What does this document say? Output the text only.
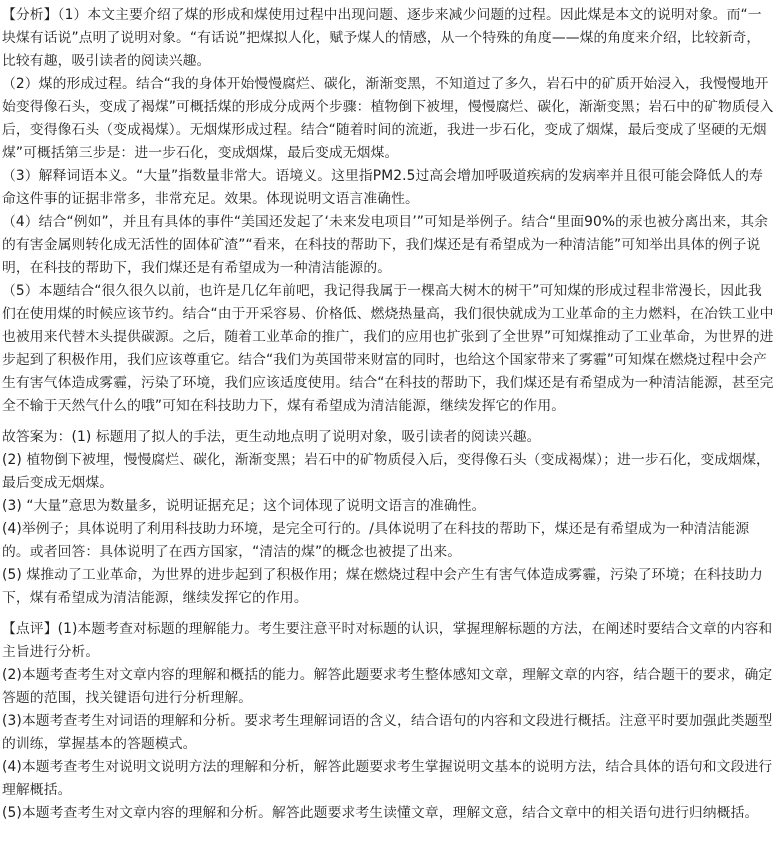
【分析】（1）本文主要介绍了煤的形成和煤使用过程中出现问题、逐步来减少问题的过程。因此煤是本文的说明对象。而“一块煤有话说”点明了说明对象。“有话说”把煤拟人化，赋予煤人的情感，从一个特殊的角度——煤的角度来介绍，比较新奇，比较有趣，吸引读者的阅读兴趣。

（2）煤的形成过程。结合“我的身体开始慢慢腐烂、碳化，渐渐变黑，不知道过了多久，岩石中的矿质开始浸入，我慢慢地开始变得像石头，变成了褐煤”可概括煤的形成分成两个步骤：植物倒下被埋，慢慢腐烂、碳化，渐渐变黑；岩石中的矿物质侵入后，变得像石头（变成褐煤）。无烟煤形成过程。结合“随着时间的流逝，我进一步石化，变成了烟煤，最后变成了坚硬的无烟煤”可概括第三步是：进一步石化，变成烟煤，最后变成无烟煤。

（3）解释词语本义。“大量”指数量非常大。语境义。这里指PM2.5过高会增加呼吸道疾病的发病率并且很可能会降低人的寿命这件事的证据非常多，非常充足。效果。体现说明文语言准确性。

（4）结合“例如”，并且有具体的事件“美国还发起了‘未来发电项目’”可知是举例子。结合“里面90%的汞也被分离出来，其余的有害金属则转化成无活性的固体矿渣”“看来，在科技的帮助下，我们煤还是有希望成为一种清洁能”可知举出具体的例子说明，在科技的帮助下，我们煤还是有希望成为一种清洁能源的。

（5）本题结合“很久很久以前，也许是几亿年前吧，我记得我属于一棵高大树木的树干”可知煤的形成过程非常漫长，因此我们在使用煤的时候应该节约。结合“由于开采容易、价格低、燃烧热量高，我们很快就成为工业革命的主力燃料，在冶铁工业中也被用来代替木头提供碳源。之后，随着工业革命的推广，我们的应用也扩张到了全世界”可知煤推动了工业革命，为世界的进步起到了积极作用，我们应该尊重它。结合“我们为英国带来财富的同时，也给这个国家带来了雾霾”可知煤在燃烧过程中会产生有害气体造成雾霾，污染了环境，我们应该适度使用。结合“在科技的帮助下，我们煤还是有希望成为一种清洁能源，甚至完全不输于天然气什么的哦”可知在科技助力下，煤有希望成为清洁能源，继续发挥它的作用。

故答案为：(1) 标题用了拟人的手法，更生动地点明了说明对象，吸引读者的阅读兴趣。

(2) 植物倒下被埋，慢慢腐烂、碳化，渐渐变黑；岩石中的矿物质侵入后，变得像石头（变成褐煤）；进一步石化，变成烟煤，最后变成无烟煤。

(3) “大量”意思为数量多，说明证据充足；这个词体现了说明文语言的准确性。

(4)举例子；具体说明了利用科技助力环境，是完全可行的。/具体说明了在科技的帮助下，煤还是有希望成为一种清洁能源的。或者回答：具体说明了在西方国家，“清洁的煤”的概念也被提了出来。

(5) 煤推动了工业革命，为世界的进步起到了积极作用；煤在燃烧过程中会产生有害气体造成雾霾，污染了环境；在科技助力下，煤有希望成为清洁能源，继续发挥它的作用。

【点评】(1)本题考查对标题的理解能力。考生要注意平时对标题的认识，掌握理解标题的方法，在阐述时要结合文章的内容和主旨进行分析。

(2)本题考查考生对文章内容的理解和概括的能力。解答此题要求考生整体感知文章，理解文章的内容，结合题干的要求，确定答题的范围，找关键语句进行分析理解。

(3)本题考查考生对词语的理解和分析。要求考生理解词语的含义，结合语句的内容和文段进行概括。注意平时要加强此类题型的训练，掌握基本的答题模式。

(4)本题考查考生对说明文说明方法的理解和分析，解答此题要求考生掌握说明文基本的说明方法，结合具体的语句和文段进行理解概括。

(5)本题考查考生对文章内容的理解和分析。解答此题要求考生读懂文章，理解文意，结合文章中的相关语句进行归纳概括。
